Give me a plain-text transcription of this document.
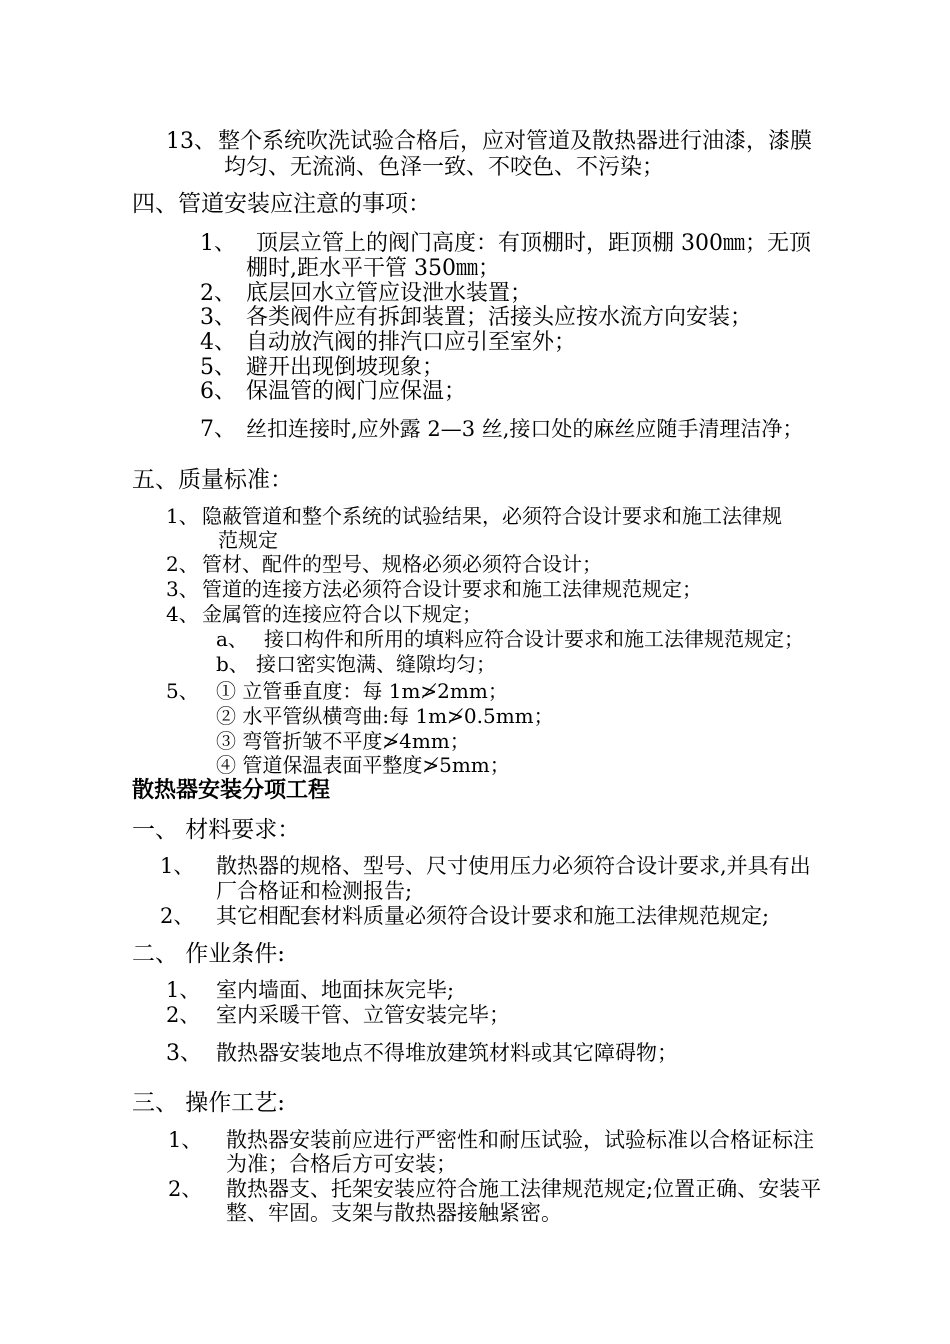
13、 整个系统吹洗试验合格后，应对管道及散热器进行油漆，漆膜
均匀、无流淌、色泽一致、不咬色、不污染；
四、管道安装应注意的事项：
1、 顶层立管上的阀门高度：有顶棚时，距顶棚 300㎜；无顶
棚时,距水平干管 350㎜；
2、 底层回水立管应设泄水装置；
3、 各类阀件应有拆卸装置；活接头应按水流方向安装；
4、 自动放汽阀的排汽口应引至室外；
5、 避开出现倒坡现象；
6、 保温管的阀门应保温；
7、 丝扣连接时,应外露 2—3 丝,接口处的麻丝应随手清理洁净；
五、质量标准：
1、 隐蔽管道和整个系统的试验结果，必须符合设计要求和施工法律规
范规定
2、 管材、配件的型号、规格必须必须符合设计；
3、 管道的连接方法必须符合设计要求和施工法律规范规定；
4、 金属管的连接应符合以下规定；
a、 接口构件和所用的填料应符合设计要求和施工法律规范规定；
b、 接口密实饱满、缝隙均匀；
5、 ① 立管垂直度：每 1m≯2mm；
② 水平管纵横弯曲:每 1m≯0.5mm；
③ 弯管折皱不平度≯4mm；
④ 管道保温表面平整度≯5mm；
散热器安装分项工程
一、 材料要求：
1、 散热器的规格、型号、尺寸使用压力必须符合设计要求,并具有出
厂合格证和检测报告;
2、 其它相配套材料质量必须符合设计要求和施工法律规范规定;
二、 作业条件:
1、 室内墙面、地面抹灰完毕;
2、 室内采暖干管、立管安装完毕；
3、 散热器安装地点不得堆放建筑材料或其它障碍物；
三、 操作工艺:
1、 散热器安装前应进行严密性和耐压试验，试验标准以合格证标注
为准；合格后方可安装；
2、 散热器支、托架安装应符合施工法律规范规定;位置正确、安装平
整、牢固。支架与散热器接触紧密。
